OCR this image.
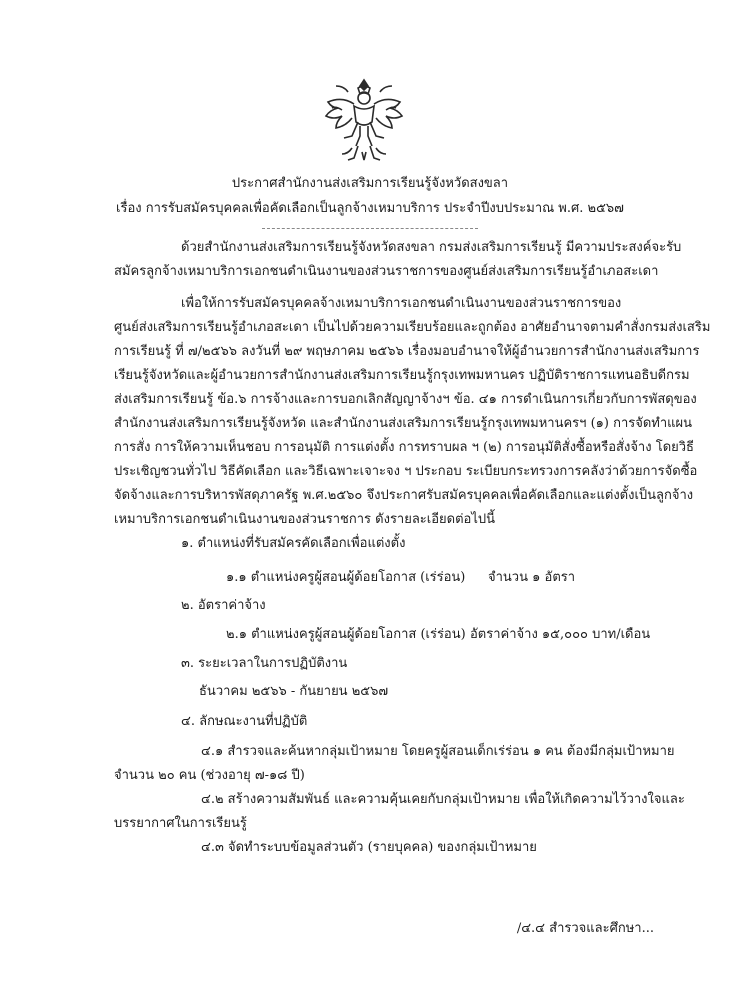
ประกาศสำนักงานส่งเสริมการเรียนรู้จังหวัดสงขลา
เรื่อง การรับสมัครบุคคลเพื่อคัดเลือกเป็นลูกจ้างเหมาบริการ ประจำปีงบประมาณ พ.ศ. ๒๕๖๗
ด้วยสำนักงานส่งเสริมการเรียนรู้จังหวัดสงขลา กรมส่งเสริมการเรียนรู้ มีความประสงค์จะรับ
สมัครลูกจ้างเหมาบริการเอกชนดำเนินงานของส่วนราชการของศูนย์ส่งเสริมการเรียนรู้อำเภอสะเดา
เพื่อให้การรับสมัครบุคคลจ้างเหมาบริการเอกชนดำเนินงานของส่วนราชการของ
ศูนย์ส่งเสริมการเรียนรู้อำเภอสะเดา เป็นไปด้วยความเรียบร้อยและถูกต้อง อาศัยอำนาจตามคำสั่งกรมส่งเสริม
การเรียนรู้ ที่ ๗/๒๕๖๖ ลงวันที่ ๒๙ พฤษภาคม ๒๕๖๖ เรื่องมอบอำนาจให้ผู้อำนวยการสำนักงานส่งเสริมการ
เรียนรู้จังหวัดและผู้อำนวยการสำนักงานส่งเสริมการเรียนรู้กรุงเทพมหานคร ปฏิบัติราชการแทนอธิบดีกรม
ส่งเสริมการเรียนรู้ ข้อ.๖ การจ้างและการบอกเลิกสัญญาจ้างฯ ข้อ. ๔๑ การดำเนินการเกี่ยวกับการพัสดุของ
สำนักงานส่งเสริมการเรียนรู้จังหวัด และสำนักงานส่งเสริมการเรียนรู้กรุงเทพมหานครฯ (๑) การจัดทำแผน
การสั่ง การให้ความเห็นชอบ การอนุมัติ การแต่งตั้ง การทราบผล ฯ (๒) การอนุมัติสั่งซื้อหรือสั่งจ้าง โดยวิธี
ประเชิญชวนทั่วไป วิธีคัดเลือก และวิธีเฉพาะเจาะจง ฯ ประกอบ ระเบียบกระทรวงการคลังว่าด้วยการจัดซื้อ
จัดจ้างและการบริหารพัสดุภาครัฐ พ.ศ.๒๕๖๐ จึงประกาศรับสมัครบุคคลเพื่อคัดเลือกและแต่งตั้งเป็นลูกจ้าง
เหมาบริการเอกชนดำเนินงานของส่วนราชการ ดังรายละเอียดต่อไปนี้
๑. ตำแหน่งที่รับสมัครคัดเลือกเพื่อแต่งตั้ง
๑.๑ ตำแหน่งครูผู้สอนผู้ด้อยโอกาส (เร่ร่อน) จำนวน ๑ อัตรา
๒. อัตราค่าจ้าง
๒.๑ ตำแหน่งครูผู้สอนผู้ด้อยโอกาส (เร่ร่อน) อัตราค่าจ้าง ๑๕,๐๐๐ บาท/เดือน
๓. ระยะเวลาในการปฏิบัติงาน
ธันวาคม ๒๕๖๖ - กันยายน ๒๕๖๗
๔. ลักษณะงานที่ปฏิบัติ
๔.๑ สำรวจและค้นหากลุ่มเป้าหมาย โดยครูผู้สอนเด็กเร่ร่อน ๑ คน ต้องมีกลุ่มเป้าหมาย
จำนวน ๒๐ คน (ช่วงอายุ ๗-๑๘ ปี)
๔.๒ สร้างความสัมพันธ์ และความคุ้นเคยกับกลุ่มเป้าหมาย เพื่อให้เกิดความไว้วางใจและ
บรรยากาศในการเรียนรู้
๔.๓ จัดทำระบบข้อมูลส่วนตัว (รายบุคคล) ของกลุ่มเป้าหมาย
/๔.๔ สำรวจและศึกษา...
